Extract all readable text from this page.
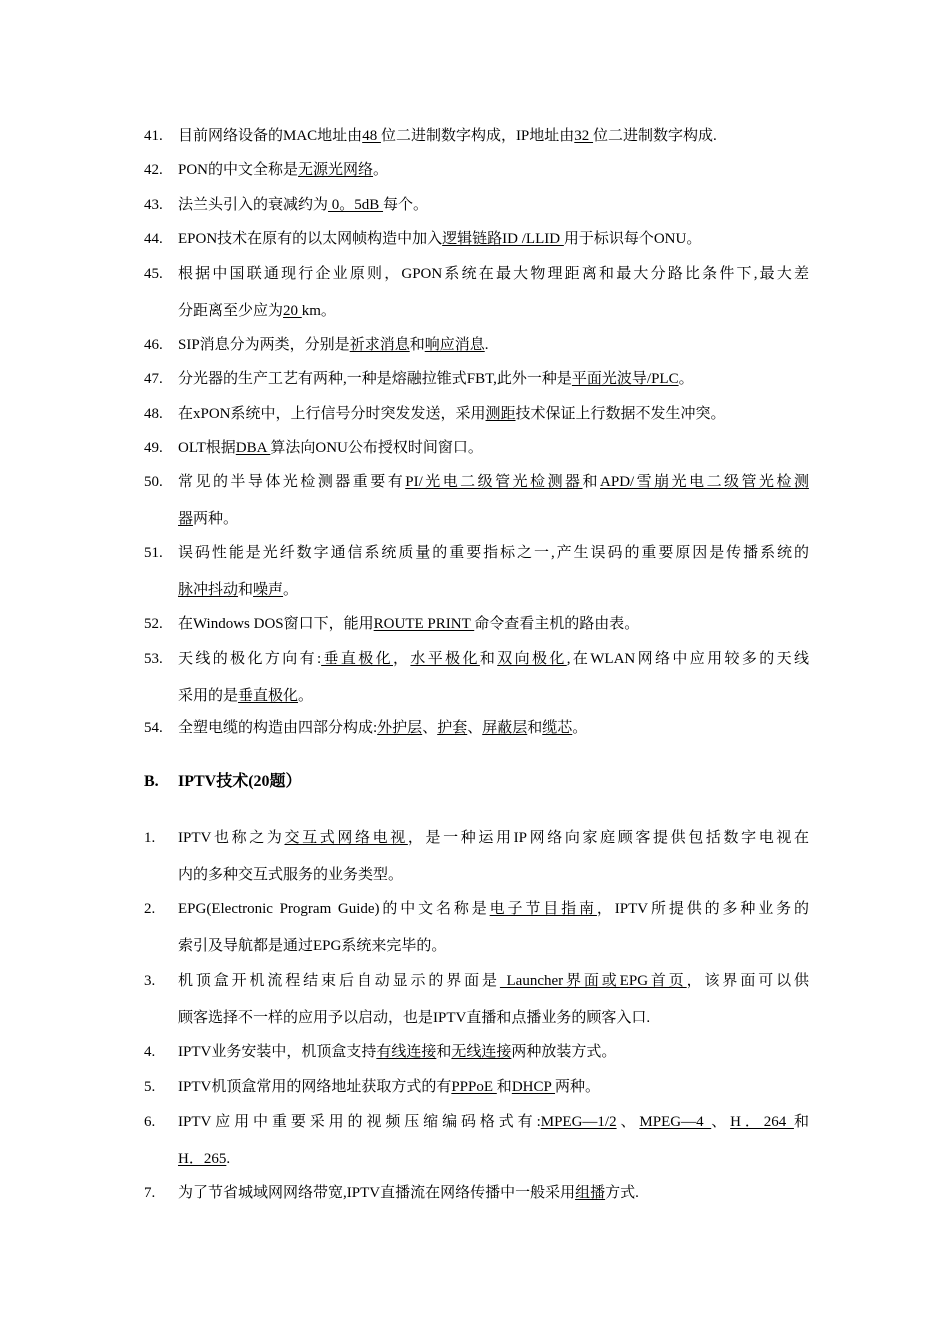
41.	目前网络设备的MAC地址由48 位二进制数字构成，IP地址由32 位二进制数字构成.
42.	PON的中文全称是无源光网络。
43.	法兰头引入的衰减约为 0。5dB 每个。
44.	EPON技术在原有的以太网帧构造中加入逻辑链路ID /LLID 用于标识每个ONU。
45.	根据中国联通现行企业原则，GPON系统在最大物理距离和最大分路比条件下,最大差
分距离至少应为20 km。
46.	SIP消息分为两类，分别是祈求消息和响应消息.
47.	分光器的生产工艺有两种,一种是熔融拉锥式FBT,此外一种是平面光波导/PLC。
48.	在xPON系统中，上行信号分时突发发送，采用测距技术保证上行数据不发生冲突。
49.	OLT根据DBA 算法向ONU公布授权时间窗口。
50.	常见的半导体光检测器重要有PI/光电二级管光检测器和APD/雪崩光电二级管光检测
器两种。
51.	误码性能是光纤数字通信系统质量的重要指标之一,产生误码的重要原因是传播系统的
脉冲抖动和噪声。
52.	在Windows DOS窗口下，能用ROUTE PRINT 命令查看主机的路由表。
53.	天线的极化方向有:垂直极化，水平极化和双向极化,在WLAN网络中应用较多的天线
采用的是垂直极化。
54.	全塑电缆的构造由四部分构成:外护层、护套、屏蔽层和缆芯。
B.	IPTV技术(20题）
1.	IPTV也称之为交互式网络电视，是一种运用IP网络向家庭顾客提供包括数字电视在
内的多种交互式服务的业务类型。
2.	EPG(Electronic Program Guide)的中文名称是电子节目指南，IPTV所提供的多种业务的
索引及导航都是通过EPG系统来完毕的。
3.	机顶盒开机流程结束后自动显示的界面是 Launcher界面或EPG首页，该界面可以供
顾客选择不一样的应用予以启动，也是IPTV直播和点播业务的顾客入口.
4.	IPTV业务安装中，机顶盒支持有线连接和无线连接两种放装方式。
5.	IPTV机顶盒常用的网络地址获取方式的有PPPoE 和DHCP 两种。
6.	IPTV应用中重要采用的视频压缩编码格式有:MPEG—1/2、MPEG—4 、H．264 和
H．265.
7.	为了节省城域网网络带宽,IPTV直播流在网络传播中一般采用组播方式.
